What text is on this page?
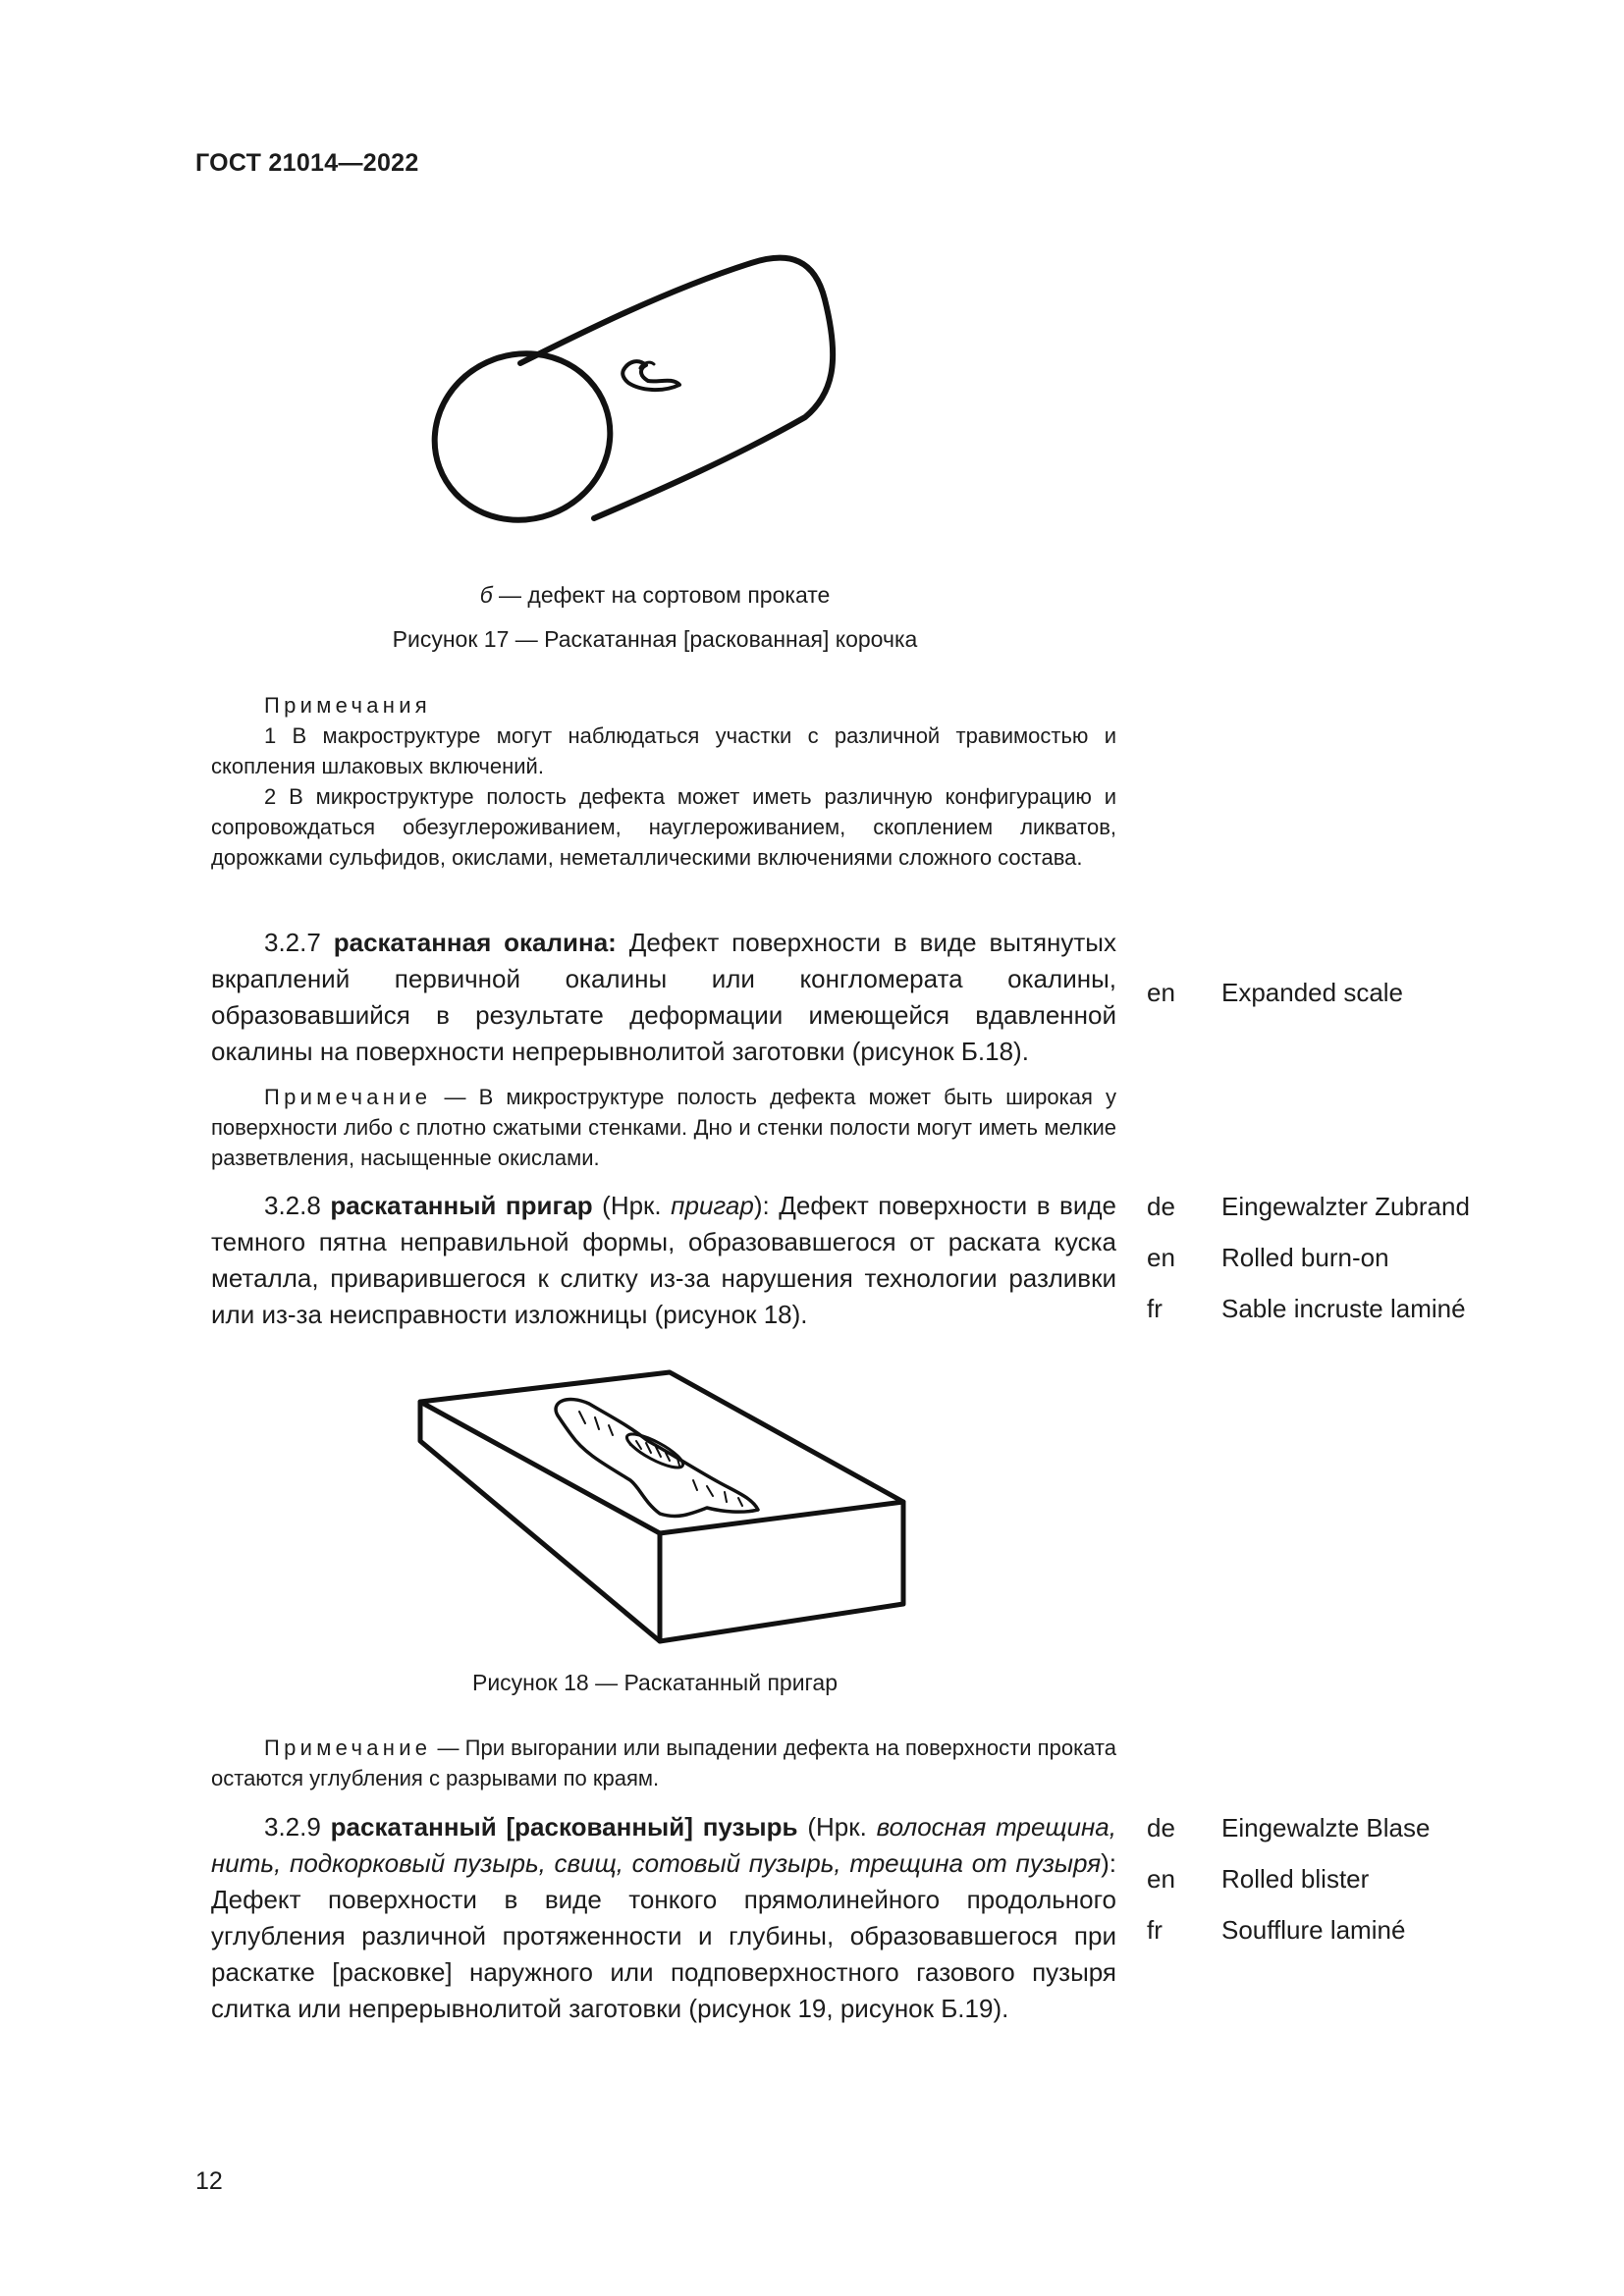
ГОСТ 21014—2022
б — дефект на сортовом прокате
Рисунок 17 — Раскатанная [раскованная] корочка

Примечания

1 В макроструктуре могут наблюдаться участки с различной травимостью и скопления шлаковых включений.

2 В микроструктуре полость дефекта может иметь различную конфигурацию и сопровождаться обезуглероживанием, науглероживанием, скоплением ликватов, дорожками сульфидов, окислами, неметаллическими включениями сложного состава.

3.2.7 раскатанная окалина: Дефект поверхности в виде вытянутых вкраплений первичной окалины или конгломерата окалины, образовавшийся в результате деформации имеющейся вдавленной окалины на поверхности непрерывнолитой заготовки (рисунок Б.18).

en	Expanded scale

Примечание — В микроструктуре полость дефекта может быть широкая у поверхности либо с плотно сжатыми стенками. Дно и стенки полости могут иметь мелкие разветвления, насыщенные окислами.

3.2.8 раскатанный пригар (Нрк. пригар): Дефект поверхности в виде темного пятна неправильной формы, образовавшегося от раската куска металла, приварившегося к слитку из-за нарушения технологии разливки или из-за неисправности изложницы (рисунок 18).

de	Eingewalzter Zubrand
en	Rolled burn-on
fr	Sable incruste laminé
Рисунок 18 — Раскатанный пригар

Примечание — При выгорании или выпадении дефекта на поверхности проката остаются углубления с разрывами по краям.

3.2.9 раскатанный [раскованный] пузырь (Нрк. волосная трещина, нить, подкорковый пузырь, свищ, сотовый пузырь, трещина от пузыря): Дефект поверхности в виде тонкого прямолинейного продольного углубления различной протяженности и глубины, образовавшегося при раскатке [расковке] наружного или подповерхностного газового пузыря слитка или непрерывнолитой заготовки (рисунок 19, рисунок Б.19).

de	Eingewalzte Blase
en	Rolled blister
fr	Soufflure laminé
12
